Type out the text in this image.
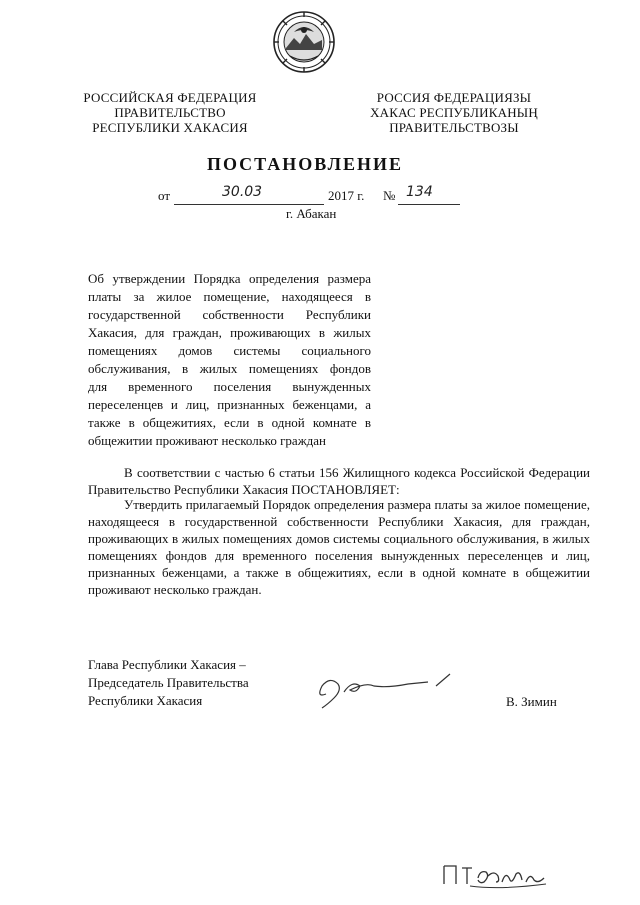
РОССИЙСКАЯ ФЕДЕРАЦИЯ
ПРАВИТЕЛЬСТВО
РЕСПУБЛИКИ ХАКАСИЯ
РОССИЯ ФЕДЕРАЦИЯЗЫ
ХАКАС РЕСПУБЛИКАНЫҢ
ПРАВИТЕЛЬСТВОЗЫ
ПОСТАНОВЛЕНИЕ
от	30.03	2017 г. № 134
г. Абакан
Об утверждении Порядка определения размера
платы за жилое помещение, находящееся в
государственной собственности Республики
Хакасия, для граждан, проживающих в жилых
помещениях домов системы социального
обслуживания, в жилых помещениях фондов
для временного поселения вынужденных
переселенцев и лиц, признанных беженцами, а
также в общежитиях, если в одной комнате в
общежитии проживают несколько граждан
В соответствии с частью 6 статьи 156 Жилищного кодекса Российской Федерации Правительство Республики Хакасия ПОСТАНОВЛЯЕТ:
Утвердить прилагаемый Порядок определения размера платы за жилое помещение, находящееся в государственной собственности Республики Хакасия, для граждан, проживающих в жилых помещениях домов системы социального обслуживания, в жилых помещениях фондов для временного поселения вынужденных переселенцев и лиц, признанных беженцами, а также в общежитиях, если в одной комнате в общежитии проживают несколько граждан.
Глава Республики Хакасия –
Председатель Правительства
Республики Хакасия	В. Зимин
